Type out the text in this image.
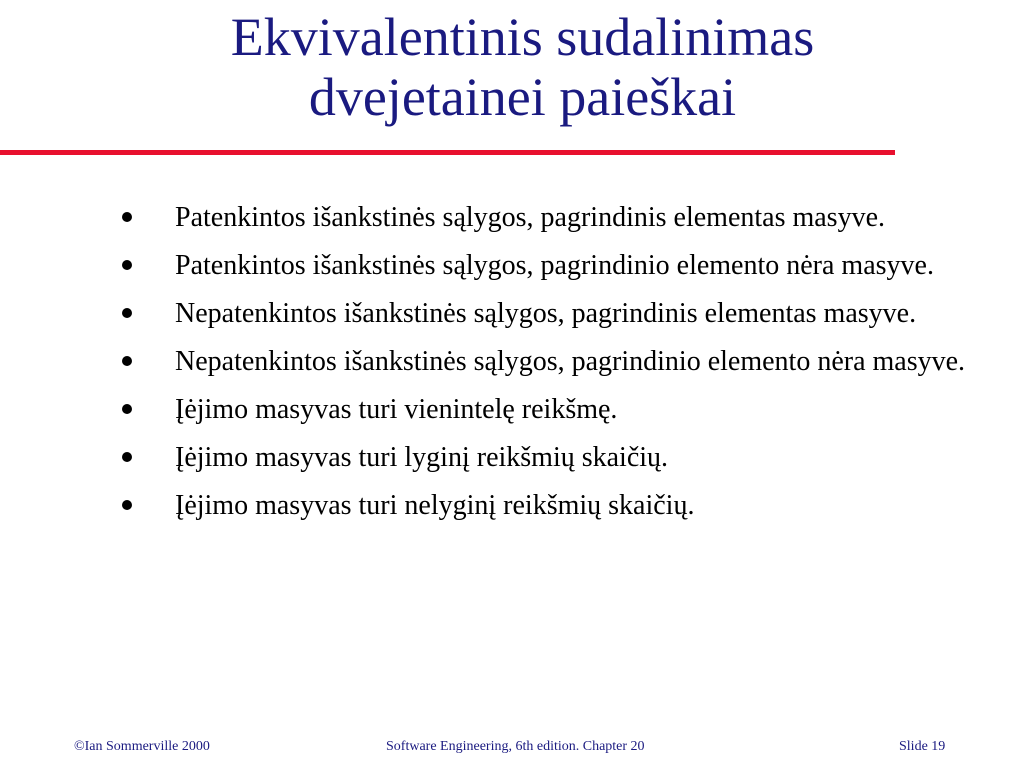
Ekvivalentinis sudalinimas
dvejetainei paieškai
Patenkintos išankstinės sąlygos, pagrindinis elementas masyve.
Patenkintos išankstinės sąlygos, pagrindinio elemento nėra masyve.
Nepatenkintos išankstinės sąlygos, pagrindinis elementas masyve.
Nepatenkintos išankstinės sąlygos, pagrindinio elemento nėra masyve.
Įėjimo masyvas turi vienintelę reikšmę.
Įėjimo masyvas turi lyginį reikšmių skaičių.
Įėjimo masyvas turi nelyginį reikšmių skaičių.
©Ian Sommerville 2000	Software Engineering, 6th edition. Chapter 20	Slide 19
